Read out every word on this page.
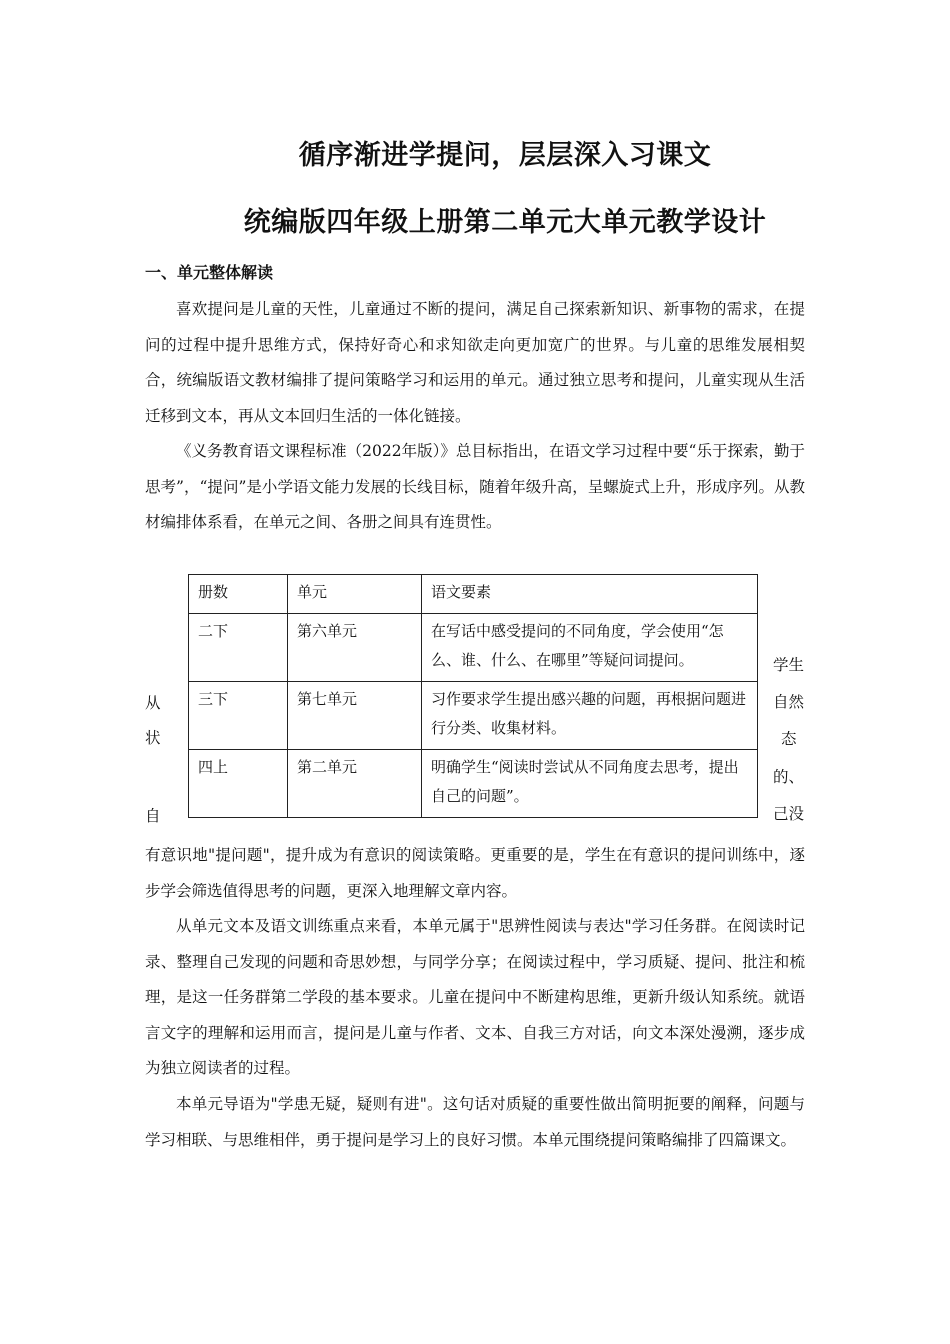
循序渐进学提问，层层深入习课文
统编版四年级上册第二单元大单元教学设计
一、单元整体解读

喜欢提问是儿童的天性，儿童通过不断的提问，满足自己探索新知识、新事物的需求，在提问的过程中提升思维方式，保持好奇心和求知欲走向更加宽广的世界。与儿童的思维发展相契合，统编版语文教材编排了提问策略学习和运用的单元。通过独立思考和提问，儿童实现从生活迁移到文本，再从文本回归生活的一体化链接。

《义务教育语文课程标准（2022年版）》总目标指出，在语文学习过程中要“乐于探索，勤于思考”，“提问”是小学语文能力发展的长线目标，随着年级升高，呈螺旋式上升，形成序列。从教材编排体系看，在单元之间、各册之间具有连贯性。

册数	单元	语文要素
二下	第六单元	在写话中感受提问的不同角度，学会使用“怎么、谁、什么、在哪里”等疑问词提问。
三下	第七单元	习作要求学生提出感兴趣的问题，再根据问题进行分类、收集材料。
四上	第二单元	明确学生“阅读时尝试从不同角度去思考，提出自己的问题”。
从
状
自
学生
自然
态
的、
己没

有意识地"提问题"，提升成为有意识的阅读策略。更重要的是，学生在有意识的提问训练中，逐步学会筛选值得思考的问题，更深入地理解文章内容。

从单元文本及语文训练重点来看，本单元属于"思辨性阅读与表达"学习任务群。在阅读时记录、整理自己发现的问题和奇思妙想，与同学分享；在阅读过程中，学习质疑、提问、批注和梳理，是这一任务群第二学段的基本要求。儿童在提问中不断建构思维，更新升级认知系统。就语言文字的理解和运用而言，提问是儿童与作者、文本、自我三方对话，向文本深处漫溯，逐步成为独立阅读者的过程。

本单元导语为"学患无疑，疑则有进"。这句话对质疑的重要性做出简明扼要的阐释，问题与学习相联、与思维相伴，勇于提问是学习上的良好习惯。本单元围绕提问策略编排了四篇课文。
